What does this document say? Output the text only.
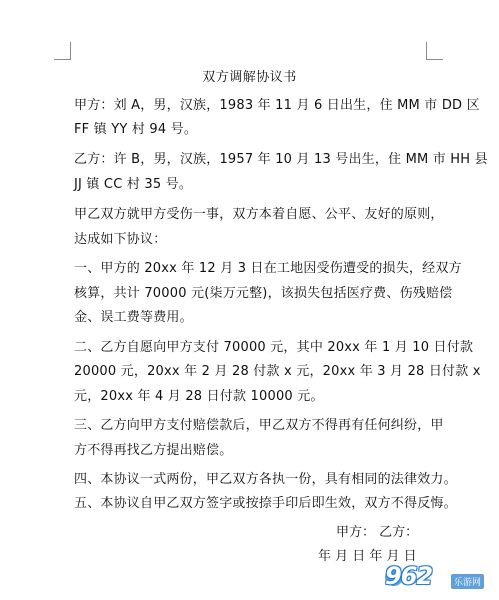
双方调解协议书
甲方：刘 A，男，汉族，1983 年 11 月 6 日出生，住 MM 市 DD 区
FF 镇 YY 村 94 号。
乙方：许 B，男，汉族，1957 年 10 月 13 号出生，住 MM 市 HH 县
JJ 镇 CC 村 35 号。
甲乙双方就甲方受伤一事，双方本着自愿、公平、友好的原则，
达成如下协议：
一、甲方的 20xx 年 12 月 3 日在工地因受伤遭受的损失，经双方
核算，共计 70000 元(柒万元整)，该损失包括医疗费、伤残赔偿
金、误工费等费用。
二、乙方自愿向甲方支付 70000 元，其中 20xx 年 1 月 10 日付款
20000 元，20xx 年 2 月 28 付款 x 元，20xx 年 3 月 28 日付款 x
元，20xx 年 4 月 28 日付款 10000 元。
三、乙方向甲方支付赔偿款后，甲乙双方不得再有任何纠纷，甲
方不得再找乙方提出赔偿。
四、本协议一式两份，甲乙双方各执一份，具有相同的法律效力。
五、本协议自甲乙双方签字或按捺手印后即生效，双方不得反悔。
甲方： 乙方：
年 月 日 年 月 日
962	乐游网
